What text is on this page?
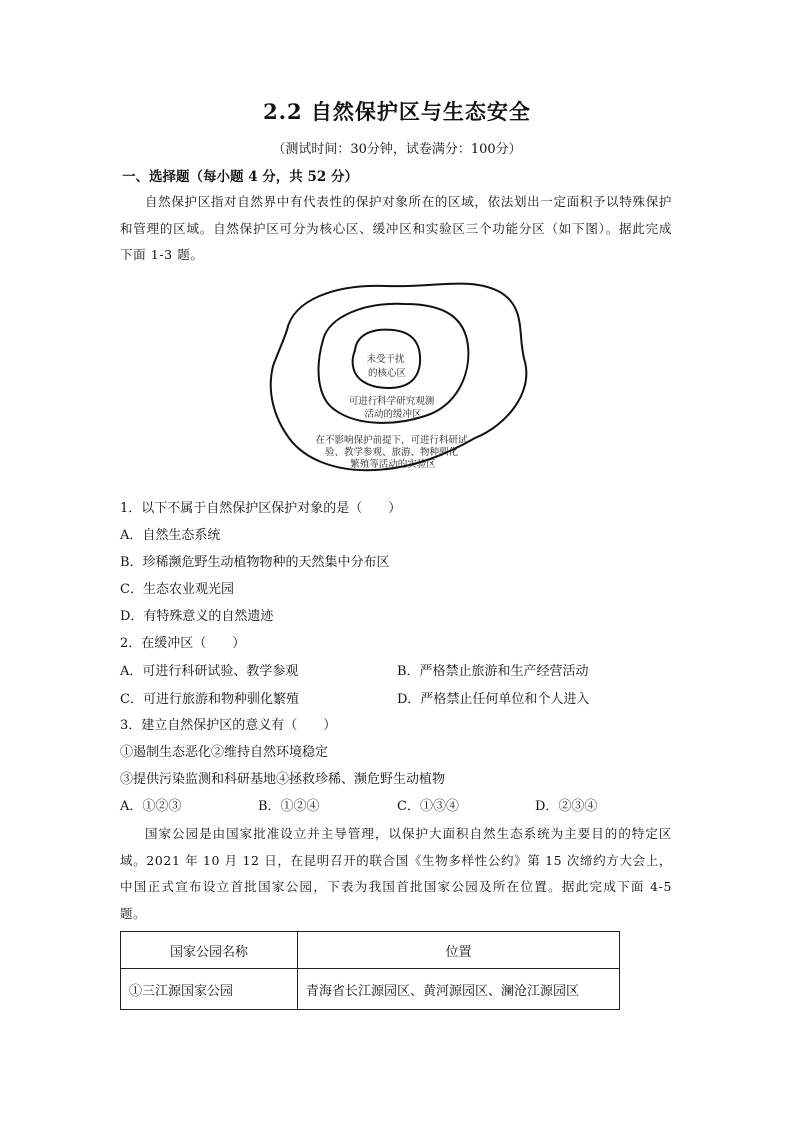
2.2 自然保护区与生态安全
（测试时间：30分钟，试卷满分：100分）
一、选择题（每小题 4 分，共 52 分）
自然保护区指对自然界中有代表性的保护对象所在的区域，依法划出一定面积予以特殊保护和管理的区域。自然保护区可分为核心区、缓冲区和实验区三个功能分区（如下图）。据此完成下面 1-3 题。
未受干扰 的核心区
可进行科学研究观测 活动的缓冲区
在不影响保护前提下，可进行科研试 验、教学参观、旅游、物种驯化 繁殖等活动的实验区
1．以下不属于自然保护区保护对象的是（　　）
A．自然生态系统
B．珍稀濒危野生动植物物种的天然集中分布区
C．生态农业观光园
D．有特殊意义的自然遗迹
2．在缓冲区（　　）
A．可进行科研试验、教学参观	B．严格禁止旅游和生产经营活动
C．可进行旅游和物种驯化繁殖	D．严格禁止任何单位和个人进入
3．建立自然保护区的意义有（　　）
①遏制生态恶化②维持自然环境稳定
③提供污染监测和科研基地④拯救珍稀、濒危野生动植物
A．①②③	B．①②④	C．①③④	D．②③④
国家公园是由国家批准设立并主导管理，以保护大面积自然生态系统为主要目的的特定区域。2021 年 10 月 12 日，在昆明召开的联合国《生物多样性公约》第 15 次缔约方大会上，中国正式宣布设立首批国家公园，下表为我国首批国家公园及所在位置。据此完成下面 4-5 题。
国家公园名称	位置
①三江源国家公园	青海省长江源园区、黄河源园区、澜沧江源园区
